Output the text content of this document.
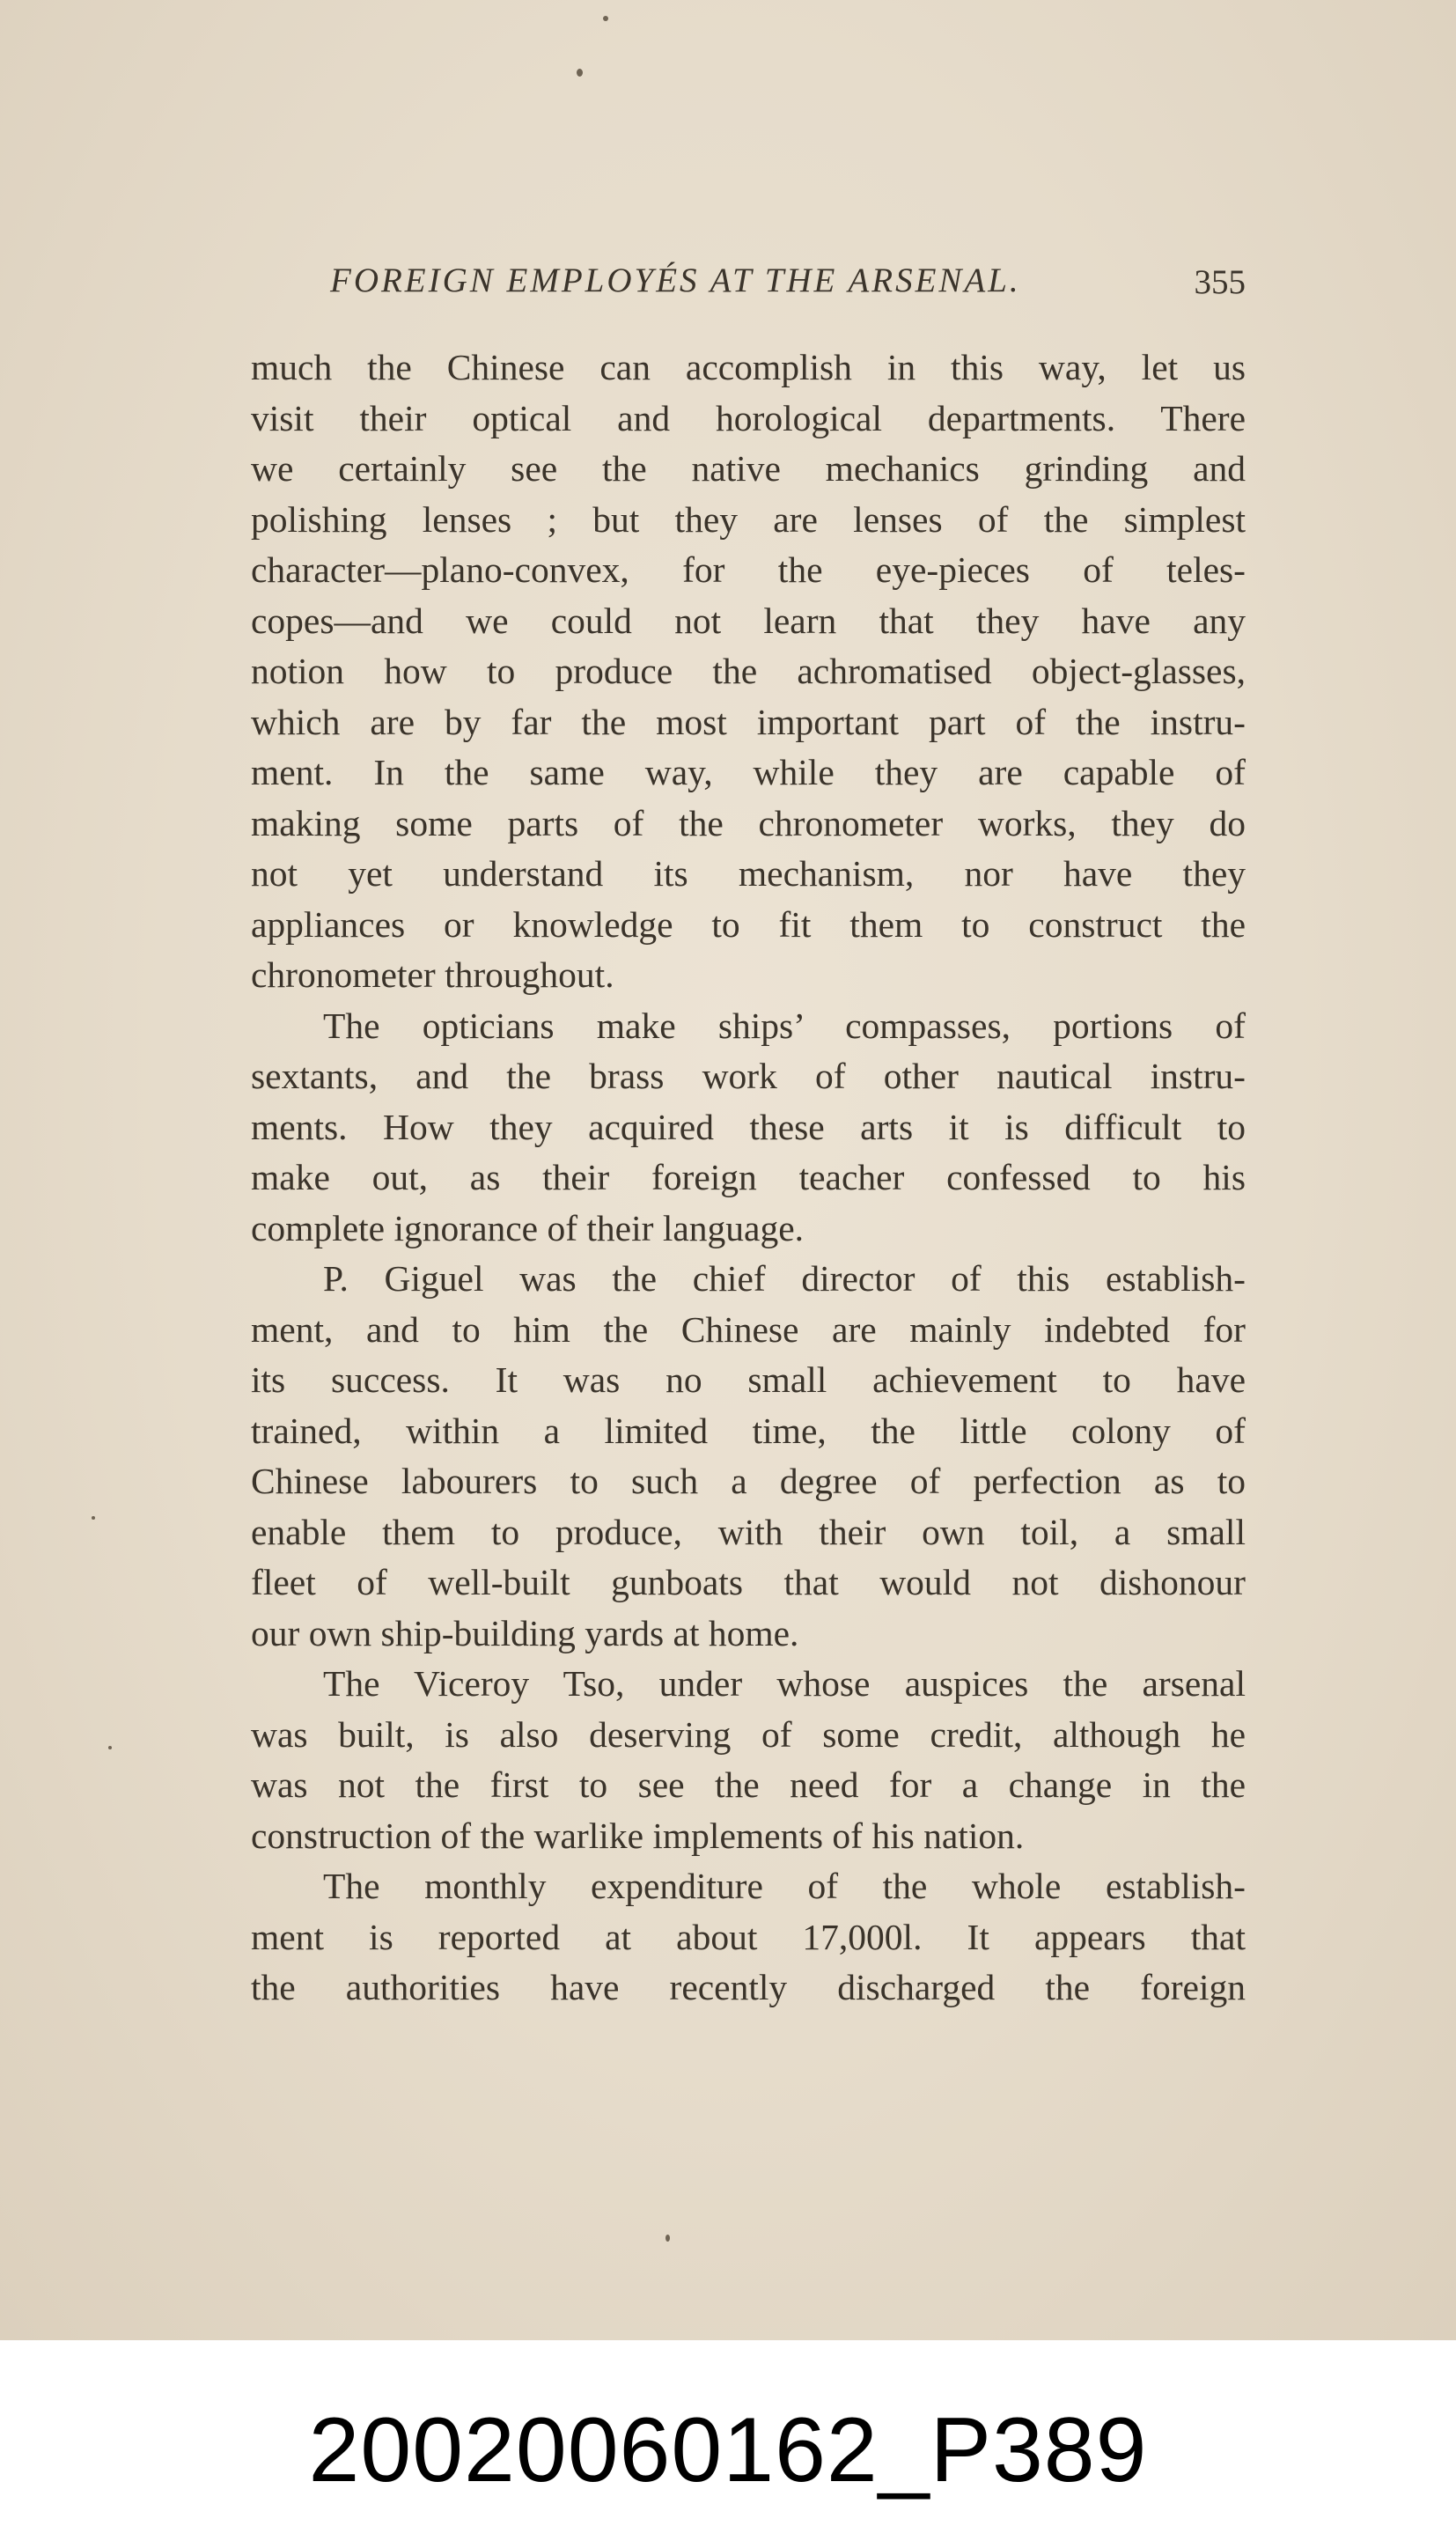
FOREIGN EMPLOYÉS AT THE ARSENAL.	355
much the Chinese can accomplish in this way, let us
visit their optical and horological departments. There
we certainly see the native mechanics grinding and
polishing lenses ; but they are lenses of the simplest
character—plano-convex, for the eye-pieces of teles-
copes—and we could not learn that they have any
notion how to produce the achromatised object-glasses,
which are by far the most important part of the instru-
ment. In the same way, while they are capable of
making some parts of the chronometer works, they do
not yet understand its mechanism, nor have they
appliances or knowledge to fit them to construct the
chronometer throughout.
The opticians make ships’ compasses, portions of
sextants, and the brass work of other nautical instru-
ments. How they acquired these arts it is difficult to
make out, as their foreign teacher confessed to his
complete ignorance of their language.
P. Giguel was the chief director of this establish-
ment, and to him the Chinese are mainly indebted for
its success. It was no small achievement to have
trained, within a limited time, the little colony of
Chinese labourers to such a degree of perfection as to
enable them to produce, with their own toil, a small
fleet of well-built gunboats that would not dishonour
our own ship-building yards at home.
The Viceroy Tso, under whose auspices the arsenal
was built, is also deserving of some credit, although he
was not the first to see the need for a change in the
construction of the warlike implements of his nation.
The monthly expenditure of the whole establish-
ment is reported at about 17,000l. It appears that
the authorities have recently discharged the foreign
20020060162_P389
